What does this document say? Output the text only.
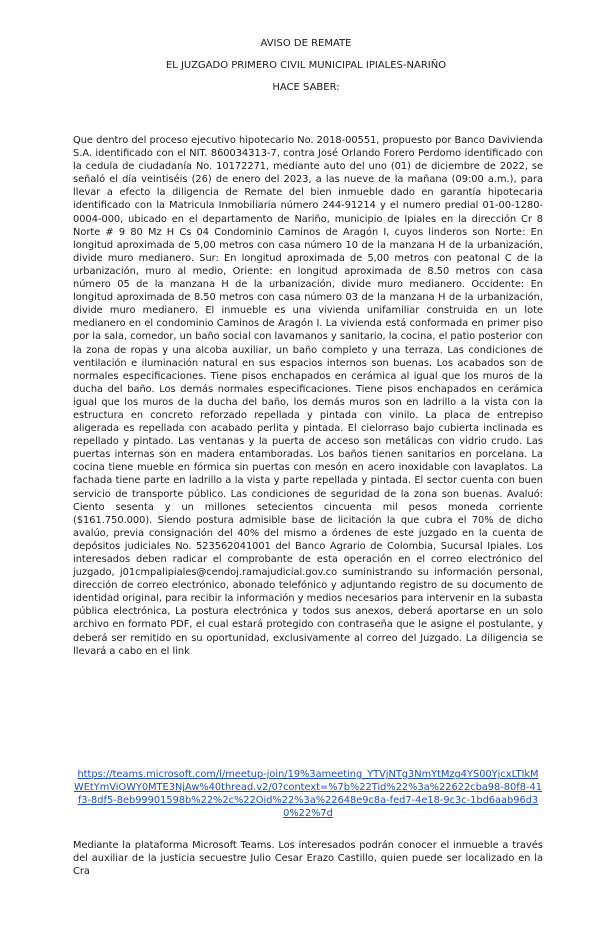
AVISO DE REMATE
EL JUZGADO PRIMERO CIVIL MUNICIPAL IPIALES-NARIÑO
HACE SABER:
Que dentro del proceso ejecutivo hipotecario No. 2018-00551, propuesto por Banco Davivienda S.A. identificado con el NIT. 860034313-7, contra José Orlando Forero Perdomo identificado con la cedula de ciudadanía No. 10172271, mediante auto del uno (01) de diciembre de 2022, se señaló el día veintiséis (26) de enero del 2023, a las nueve de la mañana (09:00 a.m.), para llevar a efecto la diligencia de Remate del bien inmueble dado en garantía hipotecaria identificado con la Matricula Inmobiliaria número 244-91214 y el numero predial 01-00-1280-0004-000, ubicado en el departamento de Nariño, municipio de Ipiales en la dirección Cr 8 Norte # 9 80 Mz H Cs 04 Condominio Caminos de Aragón I, cuyos linderos son Norte: En longitud aproximada de 5,00 metros con casa número 10 de la manzana H de la urbanización, divide muro medianero. Sur: En longitud aproximada de 5,00 metros con peatonal C de la urbanización, muro al medio, Oriente: en longitud aproximada de 8.50 metros con casa número 05 de la manzana H de la urbanización, divide muro medianero. Occidente: En longitud aproximada de 8.50 metros con casa número 03 de la manzana H de la urbanización, divide muro medianero. El inmueble es una vivienda unifamiliar construida en un lote medianero en el condominio Caminos de Aragón I. La vivienda está conformada en primer piso por la sala, comedor, un baño social con lavamanos y sanitario, la cocina, el patio posterior con la zona de ropas y una alcoba auxiliar, un baño completo y una terraza. Las condiciones de ventilación e iluminación natural en sus espacios internos son buenas. Los acabados son de normales especificaciones. Tiene pisos enchapados en cerámica al igual que los muros de la ducha del baño. Los demás normales especificaciones. Tiene pisos enchapados en cerámica igual que los muros de la ducha del baño, los demás muros son en ladrillo a la vista con la estructura en concreto reforzado repellada y pintada con vinilo. La placa de entrepiso aligerada es repellada con acabado perlita y pintada. El cielorraso bajo cubierta inclinada es repellado y pintado. Las ventanas y la puerta de acceso son metálicas con vidrio crudo. Las puertas internas son en madera entamboradas. Los baños tienen sanitarios en porcelana. La cocina tiene mueble en fórmica sin puertas con mesón en acero inoxidable con lavaplatos. La fachada tiene parte en ladrillo a la vista y parte repellada y pintada. El sector cuenta con buen servicio de transporte público. Las condiciones de seguridad de la zona son buenas. Avaluó: Ciento sesenta y un millones setecientos cincuenta mil pesos moneda corriente ($161.750.000). Siendo postura admisible base de licitación la que cubra el 70% de dicho avalúo, previa consignación del 40% del mismo a órdenes de este juzgado en la cuenta de depósitos judiciales No. 523562041001 del Banco Agrario de Colombia, Sucursal Ipiales. Los interesados deben radicar el comprobante de esta operación en el correo electrónico del juzgado, j01cmpalipiales@cendoj.ramajudicial.gov.co suministrando su información personal, dirección de correo electrónico, abonado telefónico y adjuntando registro de su documento de identidad original, para recibir la información y medios necesarios para intervenir en la subasta pública electrónica, La postura electrónica y todos sus anexos, deberá aportarse en un solo archivo en formato PDF, el cual estará protegido con contraseña que le asigne el postulante, y deberá ser remitido en su oportunidad, exclusivamente al correo del Juzgado. La diligencia se llevará a cabo en el link
https://teams.microsoft.com/l/meetup-join/19%3ameeting_YTVjNTg3NmYtMzg4YS00YjcxLTlkMWEtYmViOWY0MTE3NjAw%40thread.v2/0?context=%7b%22Tid%22%3a%22622cba98-80f8-41f3-8df5-8eb99901598b%22%2c%22Oid%22%3a%22648e9c8a-fed7-4e18-9c3c-1bd6aab96d30%22%7d
Mediante la plataforma Microsoft Teams. Los interesados podrán conocer el inmueble a través del auxiliar de la justicia secuestre Julio Cesar Erazo Castillo, quien puede ser localizado en la Cra
